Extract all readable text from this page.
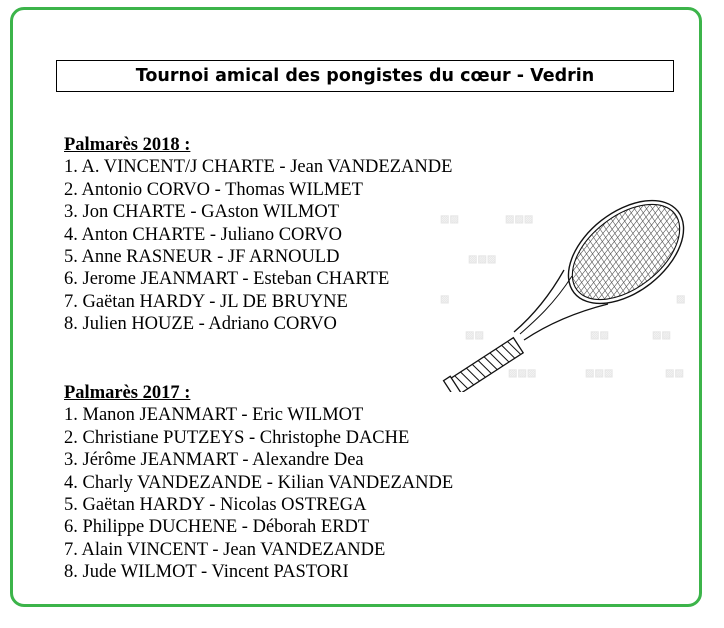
Tournoi amical des pongistes du cœur - Vedrin
▨▨	▨▨▨
▨▨▨
▨	▨
▨▨	▨▨	▨▨
▨▨▨	▨▨▨	▨▨
Palmarès 2018 :
1. A. VINCENT/J CHARTE - Jean VANDEZANDE
2. Antonio CORVO - Thomas WILMET
3. Jon CHARTE - GAston WILMOT
4. Anton CHARTE - Juliano CORVO
5. Anne RASNEUR - JF ARNOULD
6. Jerome JEANMART - Esteban CHARTE
7. Gaëtan HARDY - JL DE BRUYNE
8. Julien HOUZE - Adriano CORVO
Palmarès 2017 :
1. Manon JEANMART - Eric WILMOT
2. Christiane PUTZEYS - Christophe DACHE
3. Jérôme JEANMART - Alexandre Dea
4. Charly VANDEZANDE - Kilian VANDEZANDE
5. Gaëtan HARDY - Nicolas OSTREGA
6. Philippe DUCHENE - Déborah ERDT
7. Alain VINCENT - Jean VANDEZANDE
8. Jude WILMOT - Vincent PASTORI
